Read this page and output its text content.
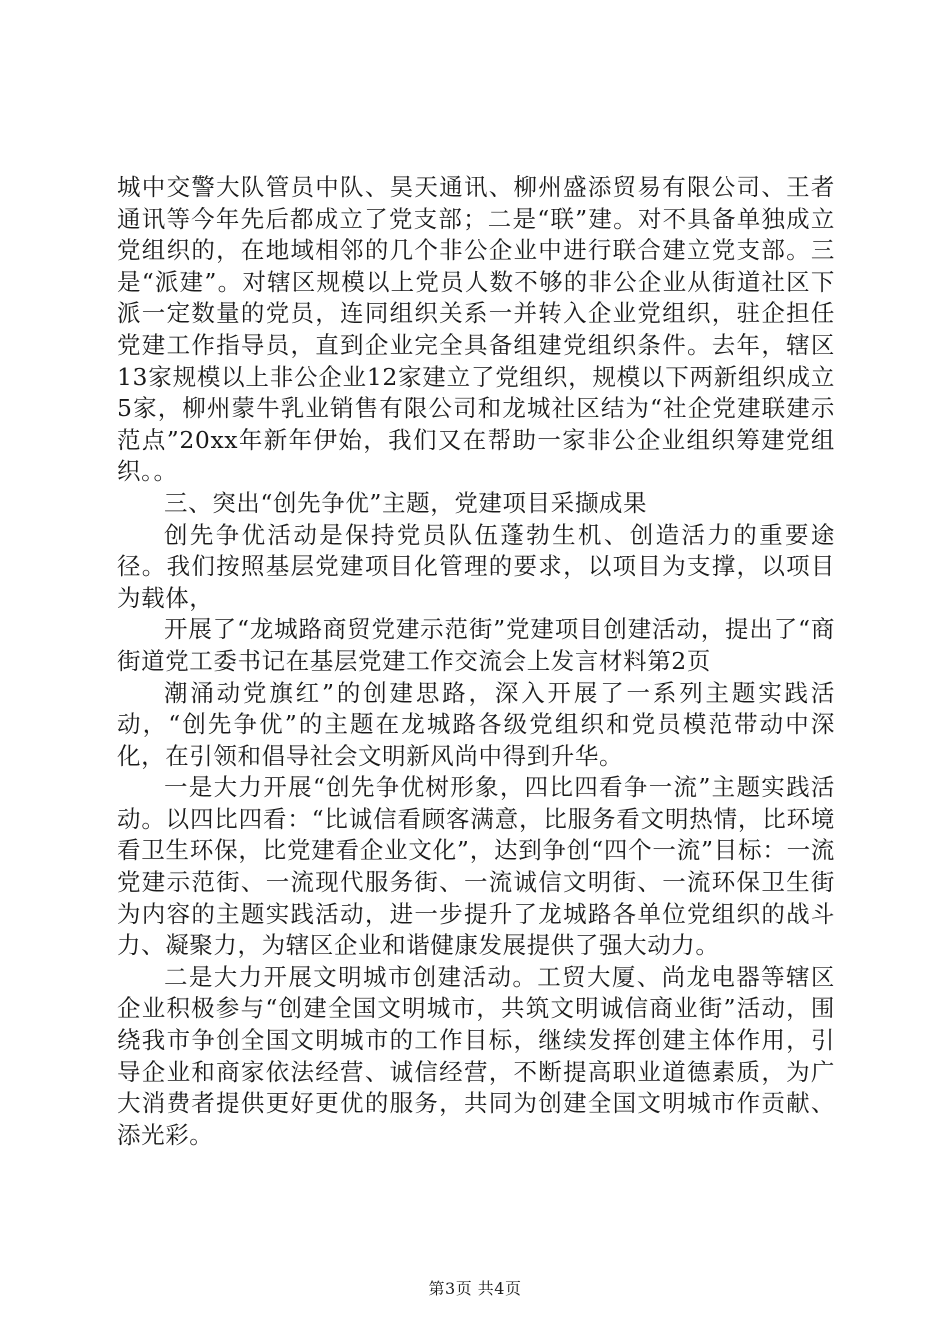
城中交警大队管员中队、昊天通讯、柳州盛添贸易有限公司、王者通讯等今年先后都成立了党支部；二是“联”建。对不具备单独成立党组织的，在地域相邻的几个非公企业中进行联合建立党支部。三是“派建”。对辖区规模以上党员人数不够的非公企业从街道社区下派一定数量的党员，连同组织关系一并转入企业党组织，驻企担任党建工作指导员，直到企业完全具备组建党组织条件。去年，辖区13家规模以上非公企业12家建立了党组织，规模以下两新组织成立5家，柳州蒙牛乳业销售有限公司和龙城社区结为“社企党建联建示范点”20xx年新年伊始，我们又在帮助一家非公企业组织筹建党组织。。

三、突出“创先争优”主题，党建项目采撷成果

创先争优活动是保持党员队伍蓬勃生机、创造活力的重要途径。我们按照基层党建项目化管理的要求，以项目为支撑，以项目为载体，

开展了“龙城路商贸党建示范街”党建项目创建活动，提出了“商街道党工委书记在基层党建工作交流会上发言材料第2页

潮涌动党旗红”的创建思路，深入开展了一系列主题实践活动，“创先争优”的主题在龙城路各级党组织和党员模范带动中深化，在引领和倡导社会文明新风尚中得到升华。

一是大力开展“创先争优树形象，四比四看争一流”主题实践活动。以四比四看：“比诚信看顾客满意，比服务看文明热情，比环境看卫生环保，比党建看企业文化”，达到争创“四个一流”目标：一流党建示范街、一流现代服务街、一流诚信文明街、一流环保卫生街为内容的主题实践活动，进一步提升了龙城路各单位党组织的战斗力、凝聚力，为辖区企业和谐健康发展提供了强大动力。

二是大力开展文明城市创建活动。工贸大厦、尚龙电器等辖区企业积极参与“创建全国文明城市，共筑文明诚信商业街”活动，围绕我市争创全国文明城市的工作目标，继续发挥创建主体作用，引导企业和商家依法经营、诚信经营，不断提高职业道德素质，为广大消费者提供更好更优的服务，共同为创建全国文明城市作贡献、添光彩。

第3页 共4页
